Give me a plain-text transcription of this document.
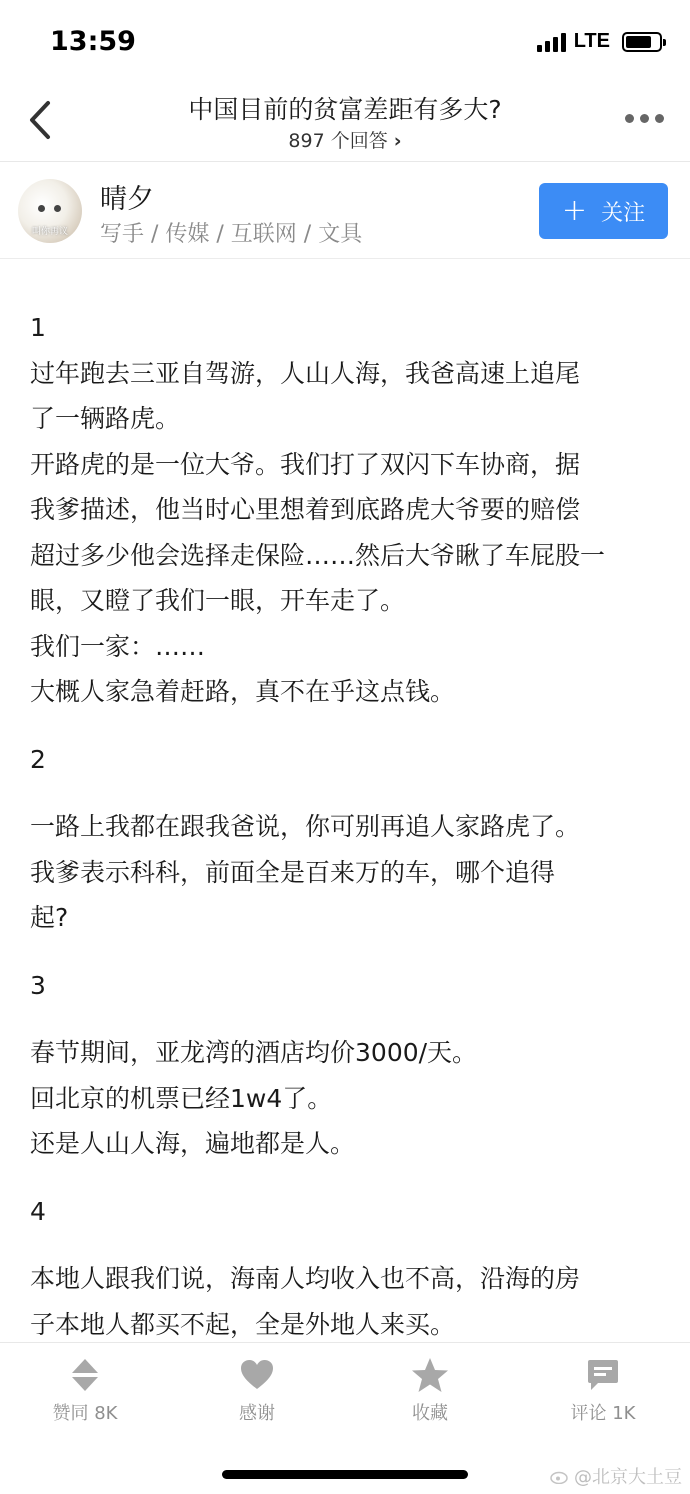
13:59	LTE
中国目前的贫富差距有多大?
897 个回答 ›
叫你再议
晴夕
写手 / 传媒 / 互联网 / 文具
+ 关注

1

过年跑去三亚自驾游，人山人海，我爸高速上追尾

了一辆路虎。

开路虎的是一位大爷。我们打了双闪下车协商，据

我爹描述，他当时心里想着到底路虎大爷要的赔偿

超过多少他会选择走保险……然后大爷瞅了车屁股一

眼，又瞪了我们一眼，开车走了。

我们一家：……

大概人家急着赶路，真不在乎这点钱。

2

一路上我都在跟我爸说，你可别再追人家路虎了。

我爹表示科科，前面全是百来万的车，哪个追得

起?

3

春节期间，亚龙湾的酒店均价3000/天。

回北京的机票已经1w4了。

还是人山人海，遍地都是人。

4

本地人跟我们说，海南人均收入也不高，沿海的房

子本地人都买不起，全是外地人来买。

赞同 8K	感谢	收藏	评论 1K
@北京大土豆
